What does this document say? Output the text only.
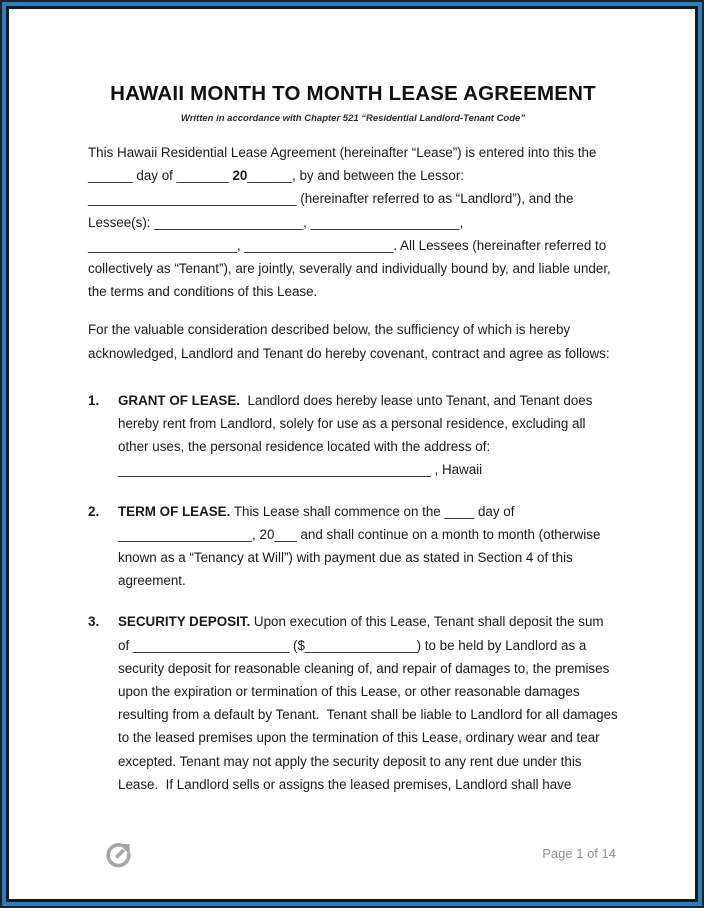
HAWAII MONTH TO MONTH LEASE AGREEMENT
Written in accordance with Chapter 521 “Residential Landlord-Tenant Code”

This Hawaii Residential Lease Agreement (hereinafter “Lease”) is entered into this the ______ day of _______ 20______, by and between the Lessor: ____________________________ (hereinafter referred to as “Landlord”), and the Lessee(s): ____________________, ____________________, ____________________, ____________________. All Lessees (hereinafter referred to collectively as “Tenant”), are jointly, severally and individually bound by, and liable under, the terms and conditions of this Lease.

For the valuable consideration described below, the sufficiency of which is hereby acknowledged, Landlord and Tenant do hereby covenant, contract and agree as follows:

1.	GRANT OF LEASE.  Landlord does hereby lease unto Tenant, and Tenant does hereby rent from Landlord, solely for use as a personal residence, excluding all other uses, the personal residence located with the address of: __________________________________________ , Hawaii
2.	TERM OF LEASE. This Lease shall commence on the ____ day of __________________, 20___ and shall continue on a month to month (otherwise known as a “Tenancy at Will”) with payment due as stated in Section 4 of this agreement.
3.	SECURITY DEPOSIT. Upon execution of this Lease, Tenant shall deposit the sum of _____________________ ($_______________) to be held by Landlord as a security deposit for reasonable cleaning of, and repair of damages to, the premises upon the expiration or termination of this Lease, or other reasonable damages resulting from a default by Tenant.  Tenant shall be liable to Landlord for all damages to the leased premises upon the termination of this Lease, ordinary wear and tear excepted. Tenant may not apply the security deposit to any rent due under this Lease.  If Landlord sells or assigns the leased premises, Landlord shall have
Page 1 of 14
